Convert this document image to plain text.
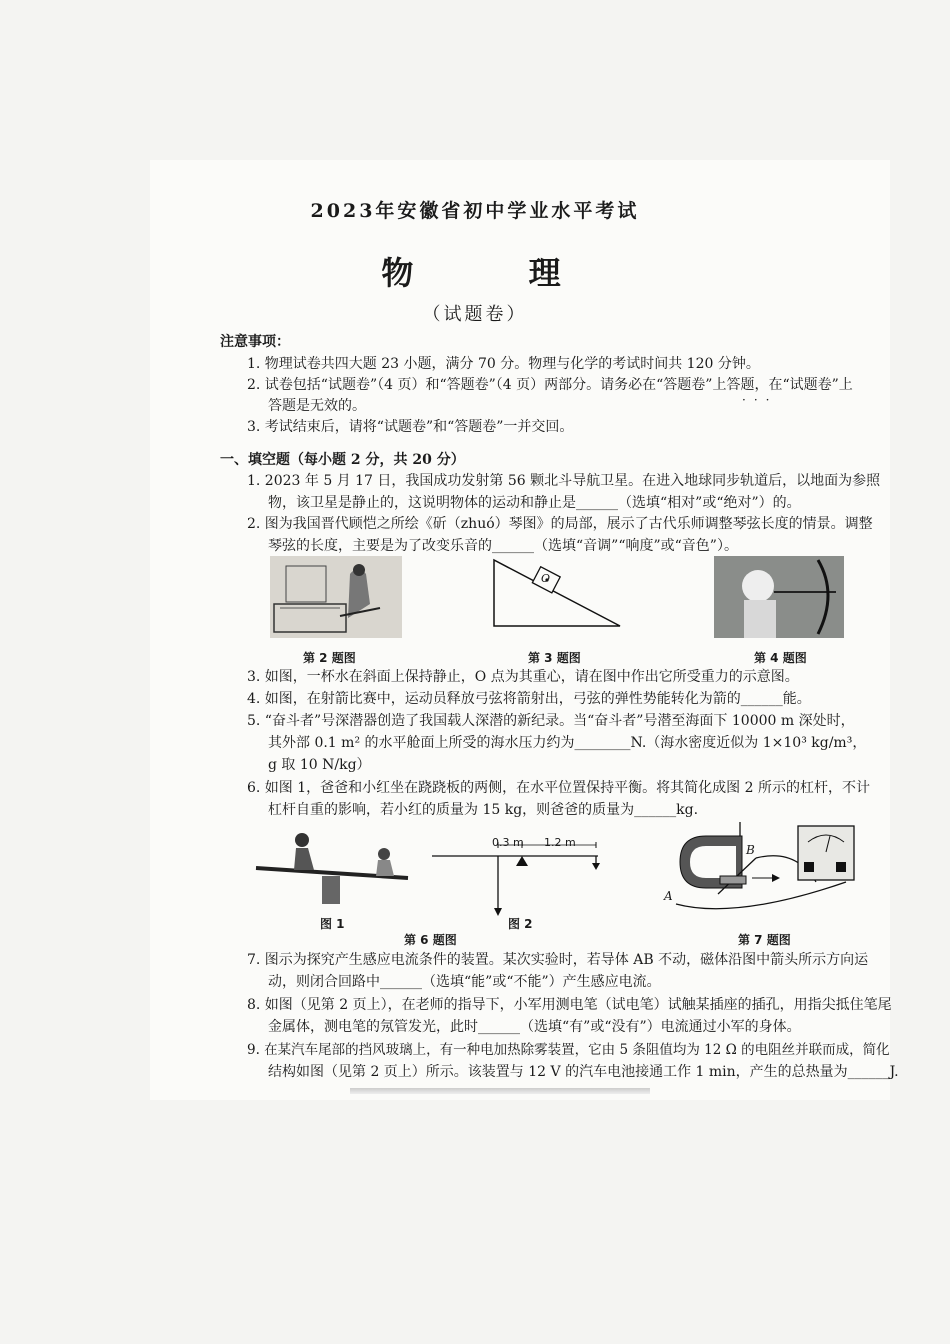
2023年安徽省初中学业水平考试
物 理
（试题卷）
注意事项：
1. 物理试卷共四大题 23 小题，满分 70 分。物理与化学的考试时间共 120 分钟。
2. 试卷包括“试题卷”（4 页）和“答题卷”（4 页）两部分。请务必在“答题卷”上答题，在“试题卷”上
···
答题是无效的。
3. 考试结束后，请将“试题卷”和“答题卷”一并交回。
一、填空题（每小题 2 分，共 20 分）
1. 2023 年 5 月 17 日，我国成功发射第 56 颗北斗导航卫星。在进入地球同步轨道后，以地面为参照
物，该卫星是静止的，这说明物体的运动和静止是______（选填“相对”或“绝对”）的。
2. 图为我国晋代顾恺之所绘《斫（zhuó）琴图》的局部，展示了古代乐师调整琴弦长度的情景。调整
琴弦的长度，主要是为了改变乐音的______（选填“音调”“响度”或“音色”）。
O
第 2 题图	第 3 题图	第 4 题图
3. 如图，一杯水在斜面上保持静止，O 点为其重心，请在图中作出它所受重力的示意图。
4. 如图，在射箭比赛中，运动员释放弓弦将箭射出，弓弦的弹性势能转化为箭的______能。
5. “奋斗者”号深潜器创造了我国载人深潜的新纪录。当“奋斗者”号潜至海面下 10000 m 深处时，
其外部 0.1 m² 的水平舱面上所受的海水压力约为________N.（海水密度近似为 1×10³ kg/m³，
g 取 10 N/kg）
6. 如图 1，爸爸和小红坐在跷跷板的两侧，在水平位置保持平衡。将其简化成图 2 所示的杠杆，不计
杠杆自重的影响，若小红的质量为 15 kg，则爸爸的质量为______kg.
0.3 m 1.2 m
B
A
图 1	图 2
第 6 题图	第 7 题图
7. 图示为探究产生感应电流条件的装置。某次实验时，若导体 AB 不动，磁体沿图中箭头所示方向运
动，则闭合回路中______（选填“能”或“不能”）产生感应电流。
8. 如图（见第 2 页上），在老师的指导下，小军用测电笔（试电笔）试触某插座的插孔，用指尖抵住笔尾
金属体，测电笔的氖管发光，此时______（选填“有”或“没有”）电流通过小军的身体。
9. 在某汽车尾部的挡风玻璃上，有一种电加热除雾装置，它由 5 条阻值均为 12 Ω 的电阻丝并联而成，简化
结构如图（见第 2 页上）所示。该装置与 12 V 的汽车电池接通工作 1 min，产生的总热量为______J.
